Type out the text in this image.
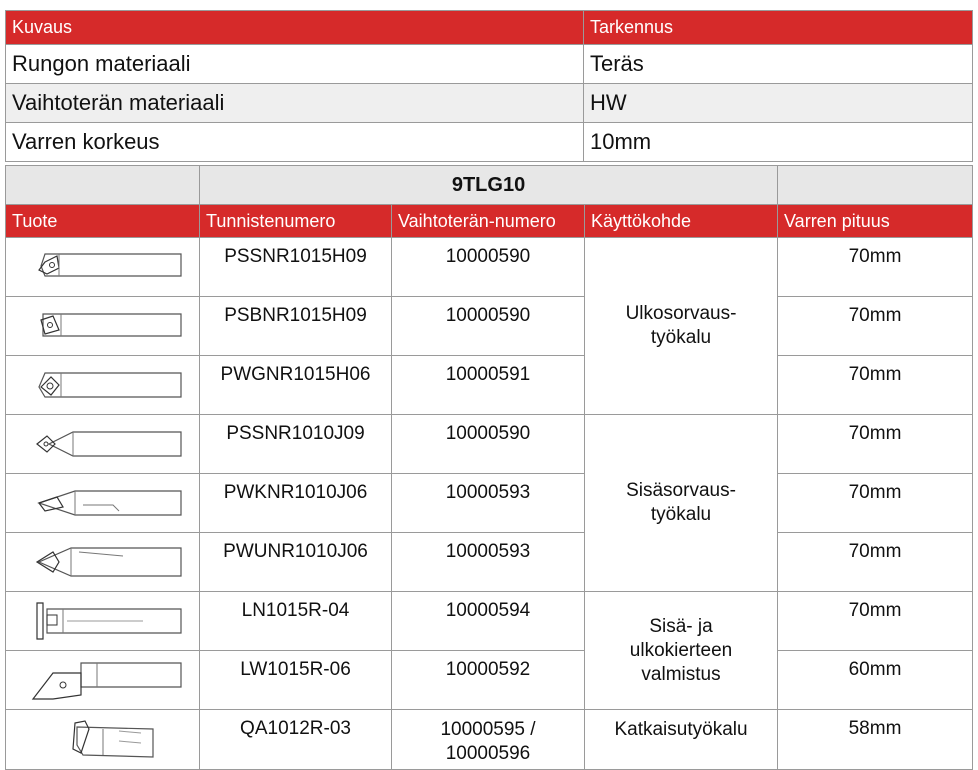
Kuvaus	Tarkennus
Rungon materiaali	Teräs
Vaihtoterän materiaali	HW
Varren korkeus	10mm
	9TLG10			
Tuote	Tunnistenumero	Vaihtoterän-numero	Käyttökohde	Varren pituus

	PSSNR1015H09	10000590	Ulkosorvaus-
työkalu	70mm

	PSBNR1015H09	10000590		70mm

	PWGNR1015H06	10000591		70mm

	PSSNR1010J09	10000590	Sisäsorvaus-
työkalu	70mm

	PWKNR1010J06	10000593		70mm

	PWUNR1010J06	10000593		70mm

	LN1015R-04	10000594	Sisä- ja
ulkokierteen
valmistus	70mm

	LW1015R-06	10000592		60mm

	QA1012R-03	10000595 / 10000596	Katkaisutyökalu	58mm
